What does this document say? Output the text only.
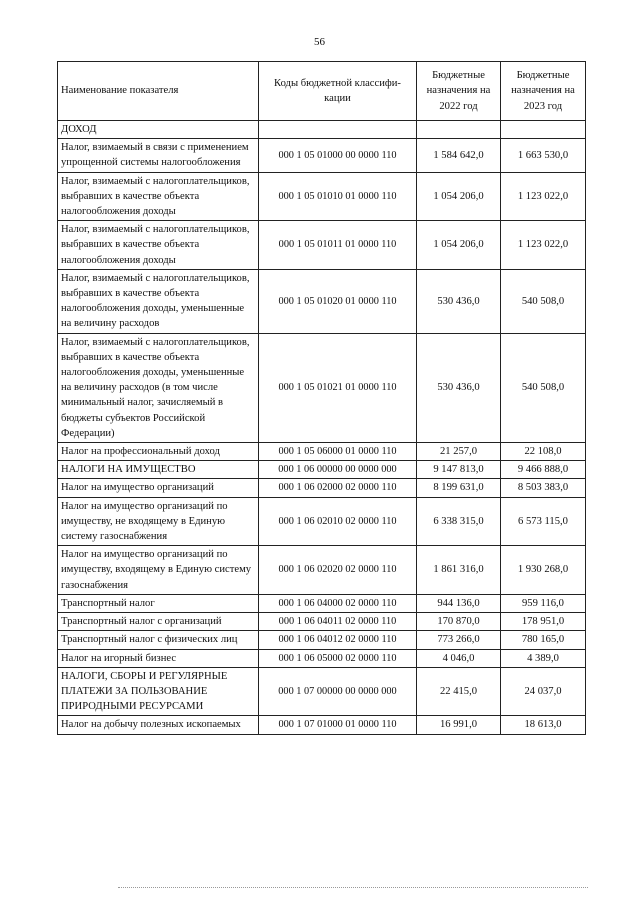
56
Наименование показателя	Коды бюджетной классифи-кации	Бюджетные назначения на 2022 год	Бюджетные назначения на 2023 год
ДОХОД			
Налог, взимаемый в связи с применением упрощенной системы налогообложения	000 1 05 01000 00 0000 110	1 584 642,0	1 663 530,0
Налог, взимаемый с налогоплательщиков, выбравших в качестве объекта налогообложения доходы	000 1 05 01010 01 0000 110	1 054 206,0	1 123 022,0
Налог, взимаемый с налогоплательщиков, выбравших в качестве объекта налогообложения доходы	000 1 05 01011 01 0000 110	1 054 206,0	1 123 022,0
Налог, взимаемый с налогоплательщиков, выбравших в качестве объекта налогообложения доходы, уменьшенные на величину расходов	000 1 05 01020 01 0000 110	530 436,0	540 508,0
Налог, взимаемый с налогоплательщиков, выбравших в качестве объекта налогообложения доходы, уменьшенные на величину расходов (в том числе минимальный налог, зачисляемый в бюджеты субъектов Российской Федерации)	000 1 05 01021 01 0000 110	530 436,0	540 508,0
Налог на профессиональный доход	000 1 05 06000 01 0000 110	21 257,0	22 108,0
НАЛОГИ НА ИМУЩЕСТВО	000 1 06 00000 00 0000 000	9 147 813,0	9 466 888,0
Налог на имущество организаций	000 1 06 02000 02 0000 110	8 199 631,0	8 503 383,0
Налог на имущество организаций по имуществу, не входящему в Единую систему газоснабжения	000 1 06 02010 02 0000 110	6 338 315,0	6 573 115,0
Налог на имущество организаций по имуществу, входящему в Единую систему газоснабжения	000 1 06 02020 02 0000 110	1 861 316,0	1 930 268,0
Транспортный налог	000 1 06 04000 02 0000 110	944 136,0	959 116,0
Транспортный налог с организаций	000 1 06 04011 02 0000 110	170 870,0	178 951,0
Транспортный налог с физических лиц	000 1 06 04012 02 0000 110	773 266,0	780 165,0
Налог на игорный бизнес	000 1 06 05000 02 0000 110	4 046,0	4 389,0
НАЛОГИ, СБОРЫ И РЕГУЛЯРНЫЕ ПЛАТЕЖИ ЗА ПОЛЬЗОВАНИЕ ПРИРОДНЫМИ РЕСУРСАМИ	000 1 07 00000 00 0000 000	22 415,0	24 037,0
Налог на добычу полезных ископаемых	000 1 07 01000 01 0000 110	16 991,0	18 613,0
